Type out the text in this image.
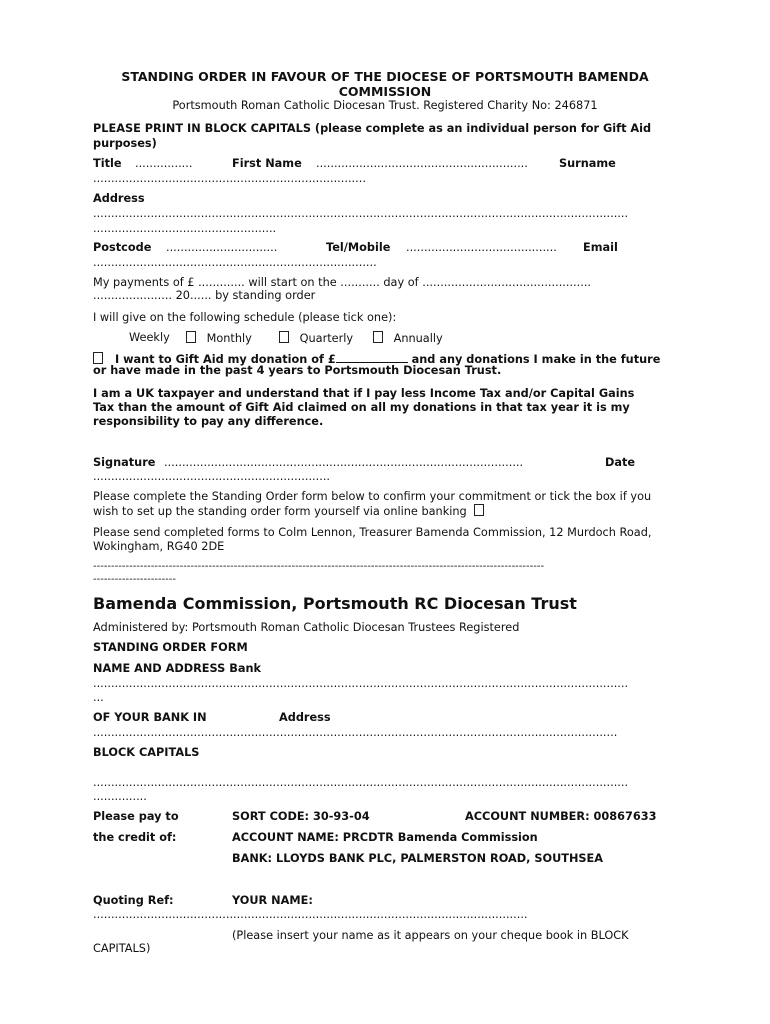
STANDING ORDER IN FAVOUR OF THE DIOCESE OF PORTSMOUTH BAMENDA
COMMISSION
Portsmouth Roman Catholic Diocesan Trust. Registered Charity No: 246871
PLEASE PRINT IN BLOCK CAPITALS (please complete as an individual person for Gift Aid
purposes)
Title ................	First Name ...........................................................	Surname
............................................................................
Address
.....................................................................................................................................................
...................................................
Postcode ...............................	Tel/Mobile .......................................... Email
...............................................................................
My payments of £ ............. will start on the ........... day of ...............................................
...................... 20...... by standing order
I will give on the following schedule (please tick one):
Weekly	Monthly	Quarterly	Annually
I want to Gift Aid my donation of £	and any donations I make in the future
or have made in the past 4 years to Portsmouth Diocesan Trust.
I am a UK taxpayer and understand that if I pay less Income Tax and/or Capital Gains
Tax than the amount of Gift Aid claimed on all my donations in that tax year it is my
responsibility to pay any difference.
Signature ....................................................................................................	Date
..................................................................
Please complete the Standing Order form below to confirm your commitment or tick the box if you
wish to set up the standing order form yourself via online banking
Please send completed forms to Colm Lennon, Treasurer Bamenda Commission, 12 Murdoch Road,
Wokingham, RG40 2DE
-----------------------------------------------------------------------------------------------------------------------------
-----------------------
Bamenda Commission, Portsmouth RC Diocesan Trust
Administered by: Portsmouth Roman Catholic Diocesan Trustees Registered
STANDING ORDER FORM
NAME AND ADDRESS Bank
.....................................................................................................................................................
...
OF YOUR BANK IN	Address
..................................................................................................................................................
BLOCK CAPITALS
.....................................................................................................................................................
...............
Please pay to	SORT CODE: 30-93-04	ACCOUNT NUMBER: 00867633
the credit of:	ACCOUNT NAME: PRCDTR Bamenda Commission
BANK: LLOYDS BANK PLC, PALMERSTON ROAD, SOUTHSEA
Quoting Ref:	YOUR NAME:
.........................................................................................................................
(Please insert your name as it appears on your cheque book in BLOCK
CAPITALS)
